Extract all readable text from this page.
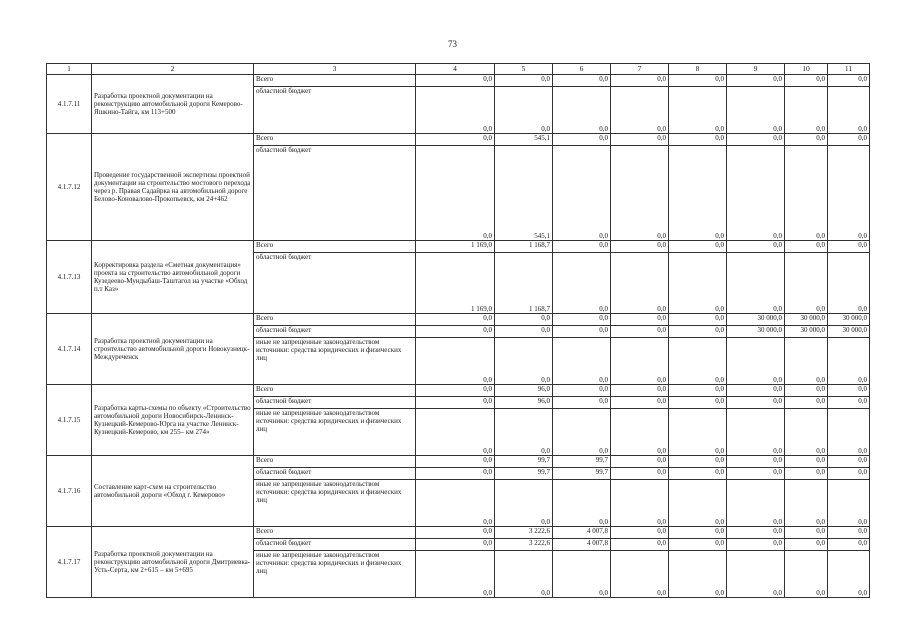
73
1	2	3	4	5	6	7	8	9	10	11
4.1.7.11	Разработка проектной документации на реконструкцию автомобильной дороги Кемерово-Яшкино-Тайга, км 113+500	Всего	0,0	0,0	0,0	0,0	0,0	0,0	0,0	0,0
		областной бюджет	0,0	0,0	0,0	0,0	0,0	0,0	0,0	0,0
4.1.7.12	Проведение государственной экспертизы проектной документации на строительство мостового перехода через р. Правая Садайрка на автомобильной дороге Белово-Коновалово-Прокопьевск, км 24+462	Всего	0,0	545,1	0,0	0,0	0,0	0,0	0,0	0,0
		областной бюджет	0,0	545,1	0,0	0,0	0,0	0,0	0,0	0,0
4.1.7.13	Корректировка раздела «Сметная документация» проекта на строительство автомобильной дороги Кузедеево-Мундыбаш-Таштагол на участке «Обход п.т Каз»	Всего	1 169,0	1 168,7	0,0	0,0	0,0	0,0	0,0	0,0
		областной бюджет	1 169,0	1 168,7	0,0	0,0	0,0	0,0	0,0	0,0
4.1.7.14	Разработка проектной документации на строительство автомобильной дороги Новокузнецк-Междуреченск	Всего	0,0	0,0	0,0	0,0	0,0	30 000,0	30 000,0	30 000,0
		областной бюджет	0,0	0,0	0,0	0,0	0,0	30 000,0	30 000,0	30 000,0
		иные не запрещенные законодательством источники: средства юридических и физических лиц	0,0	0,0	0,0	0,0	0,0	0,0	0,0	0,0
4.1.7.15	Разработка карты-схемы по объекту «Строительство автомобильной дороги Новосибирск-Ленинск-Кузнецкий-Кемерово-Юрга на участке Ленинск-Кузнецкий-Кемерово, км 255– км 274»	Всего	0,0	96,0	0,0	0,0	0,0	0,0	0,0	0,0
		областной бюджет	0,0	96,0	0,0	0,0	0,0	0,0	0,0	0,0
		иные не запрещенные законодательством источники: средства юридических и физических лиц	0,0	0,0	0,0	0,0	0,0	0,0	0,0	0,0
4.1.7.16	Составление карт-схем на строительство автомобильной дороги «Обход г. Кемерово»	Всего	0,0	99,7	99,7	0,0	0,0	0,0	0,0	0,0
		областной бюджет	0,0	99,7	99,7	0,0	0,0	0,0	0,0	0,0
		иные не запрещенные законодательством источники: средства юридических и физических лиц	0,0	0,0	0,0	0,0	0,0	0,0	0,0	0,0
4.1.7.17	Разработка проектной документации на реконструкцию автомобильной дороги Дмитриевка-Усть-Серта, км 2+615 – км 5+695	Всего	0,0	3 222,6	4 007,8	0,0	0,0	0,0	0,0	0,0
		областной бюджет	0,0	3 222,6	4 007,8	0,0	0,0	0,0	0,0	0,0
		иные не запрещенные законодательством источники: средства юридических и физических лиц	0,0	0,0	0,0	0,0	0,0	0,0	0,0	0,0
